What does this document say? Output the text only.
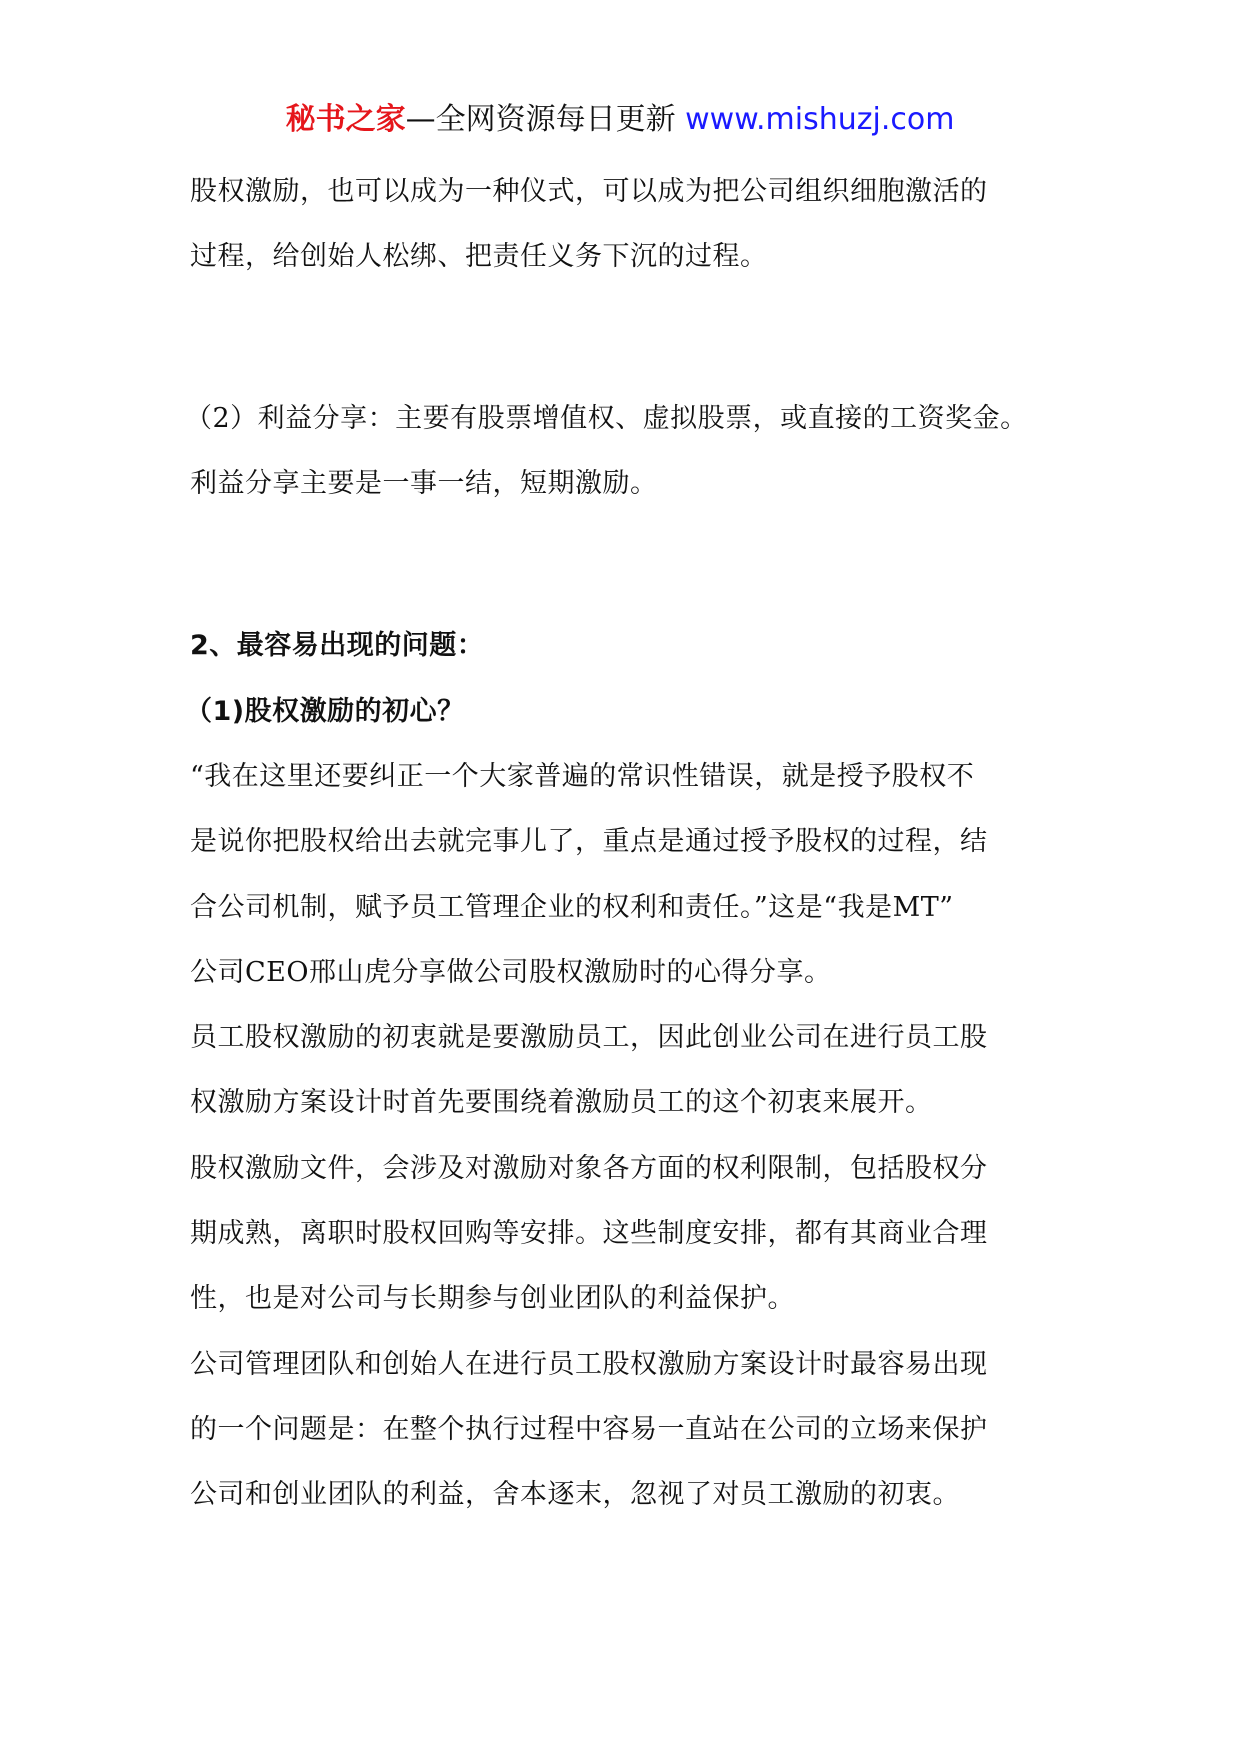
秘书之家—全网资源每日更新 www.mishuzj.com
股权激励，也可以成为一种仪式，可以成为把公司组织细胞激活的
过程，给创始人松绑、把责任义务下沉的过程。
（2）利益分享：主要有股票增值权、虚拟股票，或直接的工资奖金。
利益分享主要是一事一结，短期激励。
2、最容易出现的问题：
（1)股权激励的初心？
“我在这里还要纠正一个大家普遍的常识性错误，就是授予股权不
是说你把股权给出去就完事儿了，重点是通过授予股权的过程，结
合公司机制，赋予员工管理企业的权利和责任。”这是“我是MT”
公司CEO邢山虎分享做公司股权激励时的心得分享。
员工股权激励的初衷就是要激励员工，因此创业公司在进行员工股
权激励方案设计时首先要围绕着激励员工的这个初衷来展开。
股权激励文件，会涉及对激励对象各方面的权利限制，包括股权分
期成熟，离职时股权回购等安排。这些制度安排，都有其商业合理
性，也是对公司与长期参与创业团队的利益保护。
公司管理团队和创始人在进行员工股权激励方案设计时最容易出现
的一个问题是：在整个执行过程中容易一直站在公司的立场来保护
公司和创业团队的利益，舍本逐末，忽视了对员工激励的初衷。
